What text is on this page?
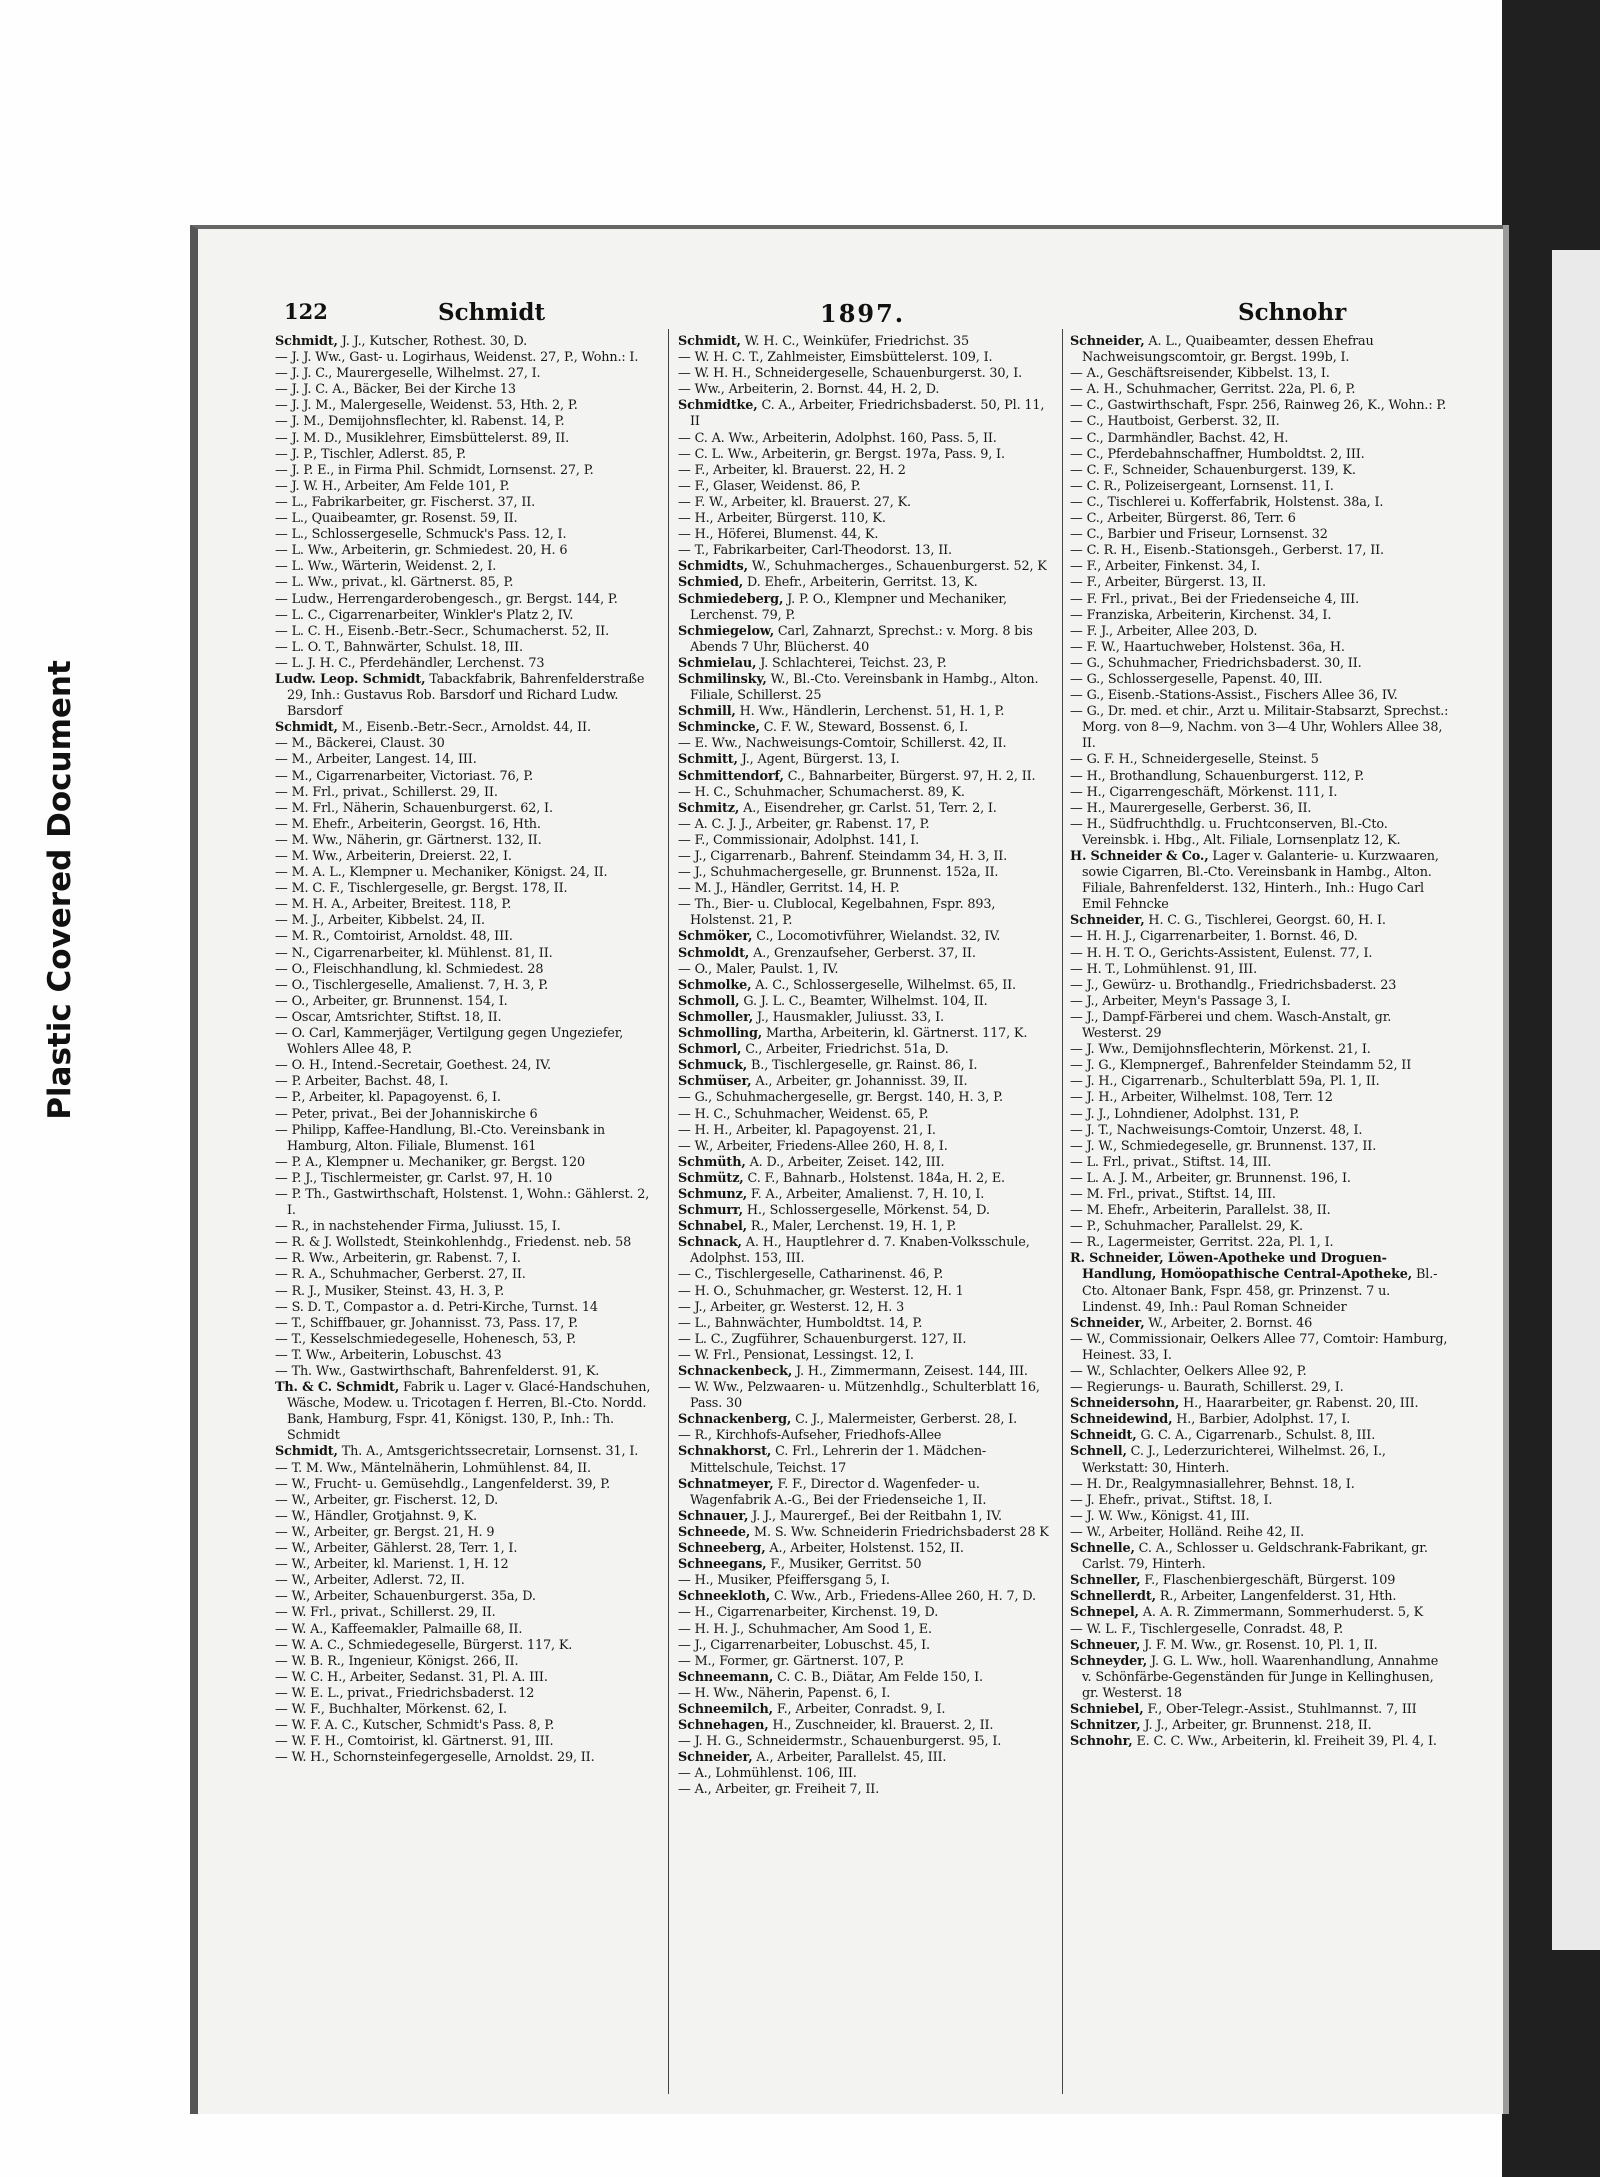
Plastic Covered Document
122	Schmidt	1897.	Schnohr

Schmidt, J. J., Kutscher, Rothest. 30, D.

— J. J. Ww., Gast- u. Logirhaus, Weidenst. 27, P., Wohn.: I.

— J. J. C., Maurergeselle, Wilhelmst. 27, I.

— J. J. C. A., Bäcker, Bei der Kirche 13

— J. J. M., Malergeselle, Weidenst. 53, Hth. 2, P.

— J. M., Demijohnsflechter, kl. Rabenst. 14, P.

— J. M. D., Musiklehrer, Eimsbüttelerst. 89, II.

— J. P., Tischler, Adlerst. 85, P.

— J. P. E., in Firma Phil. Schmidt, Lornsenst. 27, P.

— J. W. H., Arbeiter, Am Felde 101, P.

— L., Fabrikarbeiter, gr. Fischerst. 37, II.

— L., Quaibeamter, gr. Rosenst. 59, II.

— L., Schlossergeselle, Schmuck's Pass. 12, I.

— L. Ww., Arbeiterin, gr. Schmiedest. 20, H. 6

— L. Ww., Wärterin, Weidenst. 2, I.

— L. Ww., privat., kl. Gärtnerst. 85, P.

— Ludw., Herrengarderobengesch., gr. Bergst. 144, P.

— L. C., Cigarrenarbeiter, Winkler's Platz 2, IV.

— L. C. H., Eisenb.-Betr.-Secr., Schumacherst. 52, II.

— L. O. T., Bahnwärter, Schulst. 18, III.

— L. J. H. C., Pferdehändler, Lerchenst. 73

Ludw. Leop. Schmidt, Tabackfabrik, Bahrenfelderstraße 29, Inh.: Gustavus Rob. Barsdorf und Richard Ludw. Barsdorf

Schmidt, M., Eisenb.-Betr.-Secr., Arnoldst. 44, II.

— M., Bäckerei, Claust. 30

— M., Arbeiter, Langest. 14, III.

— M., Cigarrenarbeiter, Victoriast. 76, P.

— M. Frl., privat., Schillerst. 29, II.

— M. Frl., Näherin, Schauenburgerst. 62, I.

— M. Ehefr., Arbeiterin, Georgst. 16, Hth.

— M. Ww., Näherin, gr. Gärtnerst. 132, II.

— M. Ww., Arbeiterin, Dreierst. 22, I.

— M. A. L., Klempner u. Mechaniker, Königst. 24, II.

— M. C. F., Tischlergeselle, gr. Bergst. 178, II.

— M. H. A., Arbeiter, Breitest. 118, P.

— M. J., Arbeiter, Kibbelst. 24, II.

— M. R., Comtoirist, Arnoldst. 48, III.

— N., Cigarrenarbeiter, kl. Mühlenst. 81, II.

— O., Fleischhandlung, kl. Schmiedest. 28

— O., Tischlergeselle, Amalienst. 7, H. 3, P.

— O., Arbeiter, gr. Brunnenst. 154, I.

— Oscar, Amtsrichter, Stiftst. 18, II.

— O. Carl, Kammerjäger, Vertilgung gegen Ungeziefer, Wohlers Allee 48, P.

— O. H., Intend.-Secretair, Goethest. 24, IV.

— P. Arbeiter, Bachst. 48, I.

— P., Arbeiter, kl. Papagoyenst. 6, I.

— Peter, privat., Bei der Johanniskirche 6

— Philipp, Kaffee-Handlung, Bl.-Cto. Vereinsbank in Hamburg, Alton. Filiale, Blumenst. 161

— P. A., Klempner u. Mechaniker, gr. Bergst. 120

— P. J., Tischlermeister, gr. Carlst. 97, H. 10

— P. Th., Gastwirthschaft, Holstenst. 1, Wohn.: Gählerst. 2, I.

— R., in nachstehender Firma, Juliusst. 15, I.

— R. & J. Wollstedt, Steinkohlenhdg., Friedenst. neb. 58

— R. Ww., Arbeiterin, gr. Rabenst. 7, I.

— R. A., Schuhmacher, Gerberst. 27, II.

— R. J., Musiker, Steinst. 43, H. 3, P.

— S. D. T., Compastor a. d. Petri-Kirche, Turnst. 14

— T., Schiffbauer, gr. Johannisst. 73, Pass. 17, P.

— T., Kesselschmiedegeselle, Hohenesch, 53, P.

— T. Ww., Arbeiterin, Lobuschst. 43

— Th. Ww., Gastwirthschaft, Bahrenfelderst. 91, K.

Th. & C. Schmidt, Fabrik u. Lager v. Glacé-Handschuhen, Wäsche, Modew. u. Tricotagen f. Herren, Bl.-Cto. Nordd. Bank, Hamburg, Fspr. 41, Königst. 130, P., Inh.: Th. Schmidt

Schmidt, Th. A., Amtsgerichtssecretair, Lornsenst. 31, I.

— T. M. Ww., Mäntelnäherin, Lohmühlenst. 84, II.

— W., Frucht- u. Gemüsehdlg., Langenfelderst. 39, P.

— W., Arbeiter, gr. Fischerst. 12, D.

— W., Händler, Grotjahnst. 9, K.

— W., Arbeiter, gr. Bergst. 21, H. 9

— W., Arbeiter, Gählerst. 28, Terr. 1, I.

— W., Arbeiter, kl. Marienst. 1, H. 12

— W., Arbeiter, Adlerst. 72, II.

— W., Arbeiter, Schauenburgerst. 35a, D.

— W. Frl., privat., Schillerst. 29, II.

— W. A., Kaffeemakler, Palmaille 68, II.

— W. A. C., Schmiedegeselle, Bürgerst. 117, K.

— W. B. R., Ingenieur, Königst. 266, II.

— W. C. H., Arbeiter, Sedanst. 31, Pl. A. III.

— W. E. L., privat., Friedrichsbaderst. 12

— W. F., Buchhalter, Mörkenst. 62, I.

— W. F. A. C., Kutscher, Schmidt's Pass. 8, P.

— W. F. H., Comtoirist, kl. Gärtnerst. 91, III.

— W. H., Schornsteinfegergeselle, Arnoldst. 29, II.

Schmidt, W. H. C., Weinküfer, Friedrichst. 35

— W. H. C. T., Zahlmeister, Eimsbüttelerst. 109, I.

— W. H. H., Schneidergeselle, Schauenburgerst. 30, I.

— Ww., Arbeiterin, 2. Bornst. 44, H. 2, D.

Schmidtke, C. A., Arbeiter, Friedrichsbaderst. 50, Pl. 11, II

— C. A. Ww., Arbeiterin, Adolphst. 160, Pass. 5, II.

— C. L. Ww., Arbeiterin, gr. Bergst. 197a, Pass. 9, I.

— F., Arbeiter, kl. Brauerst. 22, H. 2

— F., Glaser, Weidenst. 86, P.

— F. W., Arbeiter, kl. Brauerst. 27, K.

— H., Arbeiter, Bürgerst. 110, K.

— H., Höferei, Blumenst. 44, K.

— T., Fabrikarbeiter, Carl-Theodorst. 13, II.

Schmidts, W., Schuhmacherges., Schauenburgerst. 52, K

Schmied, D. Ehefr., Arbeiterin, Gerritst. 13, K.

Schmiedeberg, J. P. O., Klempner und Mechaniker, Lerchenst. 79, P.

Schmiegelow, Carl, Zahnarzt, Sprechst.: v. Morg. 8 bis Abends 7 Uhr, Blücherst. 40

Schmielau, J. Schlachterei, Teichst. 23, P.

Schmilinsky, W., Bl.-Cto. Vereinsbank in Hambg., Alton. Filiale, Schillerst. 25

Schmill, H. Ww., Händlerin, Lerchenst. 51, H. 1, P.

Schmincke, C. F. W., Steward, Bossenst. 6, I.

— E. Ww., Nachweisungs-Comtoir, Schillerst. 42, II.

Schmitt, J., Agent, Bürgerst. 13, I.

Schmittendorf, C., Bahnarbeiter, Bürgerst. 97, H. 2, II.

— H. C., Schuhmacher, Schumacherst. 89, K.

Schmitz, A., Eisendreher, gr. Carlst. 51, Terr. 2, I.

— A. C. J. J., Arbeiter, gr. Rabenst. 17, P.

— F., Commissionair, Adolphst. 141, I.

— J., Cigarrenarb., Bahrenf. Steindamm 34, H. 3, II.

— J., Schuhmachergeselle, gr. Brunnenst. 152a, II.

— M. J., Händler, Gerritst. 14, H. P.

— Th., Bier- u. Clublocal, Kegelbahnen, Fspr. 893, Holstenst. 21, P.

Schmöker, C., Locomotivführer, Wielandst. 32, IV.

Schmoldt, A., Grenzaufseher, Gerberst. 37, II.

— O., Maler, Paulst. 1, IV.

Schmolke, A. C., Schlossergeselle, Wilhelmst. 65, II.

Schmoll, G. J. L. C., Beamter, Wilhelmst. 104, II.

Schmoller, J., Hausmakler, Juliusst. 33, I.

Schmolling, Martha, Arbeiterin, kl. Gärtnerst. 117, K.

Schmorl, C., Arbeiter, Friedrichst. 51a, D.

Schmuck, B., Tischlergeselle, gr. Rainst. 86, I.

Schmüser, A., Arbeiter, gr. Johannisst. 39, II.

— G., Schuhmachergeselle, gr. Bergst. 140, H. 3, P.

— H. C., Schuhmacher, Weidenst. 65, P.

— H. H., Arbeiter, kl. Papagoyenst. 21, I.

— W., Arbeiter, Friedens-Allee 260, H. 8, I.

Schmüth, A. D., Arbeiter, Zeiset. 142, III.

Schmütz, C. F., Bahnarb., Holstenst. 184a, H. 2, E.

Schmunz, F. A., Arbeiter, Amalienst. 7, H. 10, I.

Schmurr, H., Schlossergeselle, Mörkenst. 54, D.

Schnabel, R., Maler, Lerchenst. 19, H. 1, P.

Schnack, A. H., Hauptlehrer d. 7. Knaben-Volksschule, Adolphst. 153, III.

— C., Tischlergeselle, Catharinenst. 46, P.

— H. O., Schuhmacher, gr. Westerst. 12, H. 1

— J., Arbeiter, gr. Westerst. 12, H. 3

— L., Bahnwächter, Humboldtst. 14, P.

— L. C., Zugführer, Schauenburgerst. 127, II.

— W. Frl., Pensionat, Lessingst. 12, I.

Schnackenbeck, J. H., Zimmermann, Zeisest. 144, III.

— W. Ww., Pelzwaaren- u. Mützenhdlg., Schulterblatt 16, Pass. 30

Schnackenberg, C. J., Malermeister, Gerberst. 28, I.

— R., Kirchhofs-Aufseher, Friedhofs-Allee

Schnakhorst, C. Frl., Lehrerin der 1. Mädchen-Mittelschule, Teichst. 17

Schnatmeyer, F. F., Director d. Wagenfeder- u. Wagenfabrik A.-G., Bei der Friedenseiche 1, II.

Schnauer, J. J., Maurergef., Bei der Reitbahn 1, IV.

Schneede, M. S. Ww. Schneiderin Friedrichsbaderst 28 K

Schneeberg, A., Arbeiter, Holstenst. 152, II.

Schneegans, F., Musiker, Gerritst. 50

— H., Musiker, Pfeiffersgang 5, I.

Schneekloth, C. Ww., Arb., Friedens-Allee 260, H. 7, D.

— H., Cigarrenarbeiter, Kirchenst. 19, D.

— H. H. J., Schuhmacher, Am Sood 1, E.

— J., Cigarrenarbeiter, Lobuschst. 45, I.

— M., Former, gr. Gärtnerst. 107, P.

Schneemann, C. C. B., Diätar, Am Felde 150, I.

— H. Ww., Näherin, Papenst. 6, I.

Schneemilch, F., Arbeiter, Conradst. 9, I.

Schnehagen, H., Zuschneider, kl. Brauerst. 2, II.

— J. H. G., Schneidermstr., Schauenburgerst. 95, I.

Schneider, A., Arbeiter, Parallelst. 45, III.

— A., Lohmühlenst. 106, III.

— A., Arbeiter, gr. Freiheit 7, II.

Schneider, A. L., Quaibeamter, dessen Ehefrau Nachweisungscomtoir, gr. Bergst. 199b, I.

— A., Geschäftsreisender, Kibbelst. 13, I.

— A. H., Schuhmacher, Gerritst. 22a, Pl. 6, P.

— C., Gastwirthschaft, Fspr. 256, Rainweg 26, K., Wohn.: P.

— C., Hautboist, Gerberst. 32, II.

— C., Darmhändler, Bachst. 42, H.

— C., Pferdebahnschaffner, Humboldtst. 2, III.

— C. F., Schneider, Schauenburgerst. 139, K.

— C. R., Polizeisergeant, Lornsenst. 11, I.

— C., Tischlerei u. Kofferfabrik, Holstenst. 38a, I.

— C., Arbeiter, Bürgerst. 86, Terr. 6

— C., Barbier und Friseur, Lornsenst. 32

— C. R. H., Eisenb.-Stationsgeh., Gerberst. 17, II.

— F., Arbeiter, Finkenst. 34, I.

— F., Arbeiter, Bürgerst. 13, II.

— F. Frl., privat., Bei der Friedenseiche 4, III.

— Franziska, Arbeiterin, Kirchenst. 34, I.

— F. J., Arbeiter, Allee 203, D.

— F. W., Haartuchweber, Holstenst. 36a, H.

— G., Schuhmacher, Friedrichsbaderst. 30, II.

— G., Schlossergeselle, Papenst. 40, III.

— G., Eisenb.-Stations-Assist., Fischers Allee 36, IV.

— G., Dr. med. et chir., Arzt u. Militair-Stabsarzt, Sprechst.: Morg. von 8—9, Nachm. von 3—4 Uhr, Wohlers Allee 38, II.

— G. F. H., Schneidergeselle, Steinst. 5

— H., Brothandlung, Schauenburgerst. 112, P.

— H., Cigarrengeschäft, Mörkenst. 111, I.

— H., Maurergeselle, Gerberst. 36, II.

— H., Südfruchthdlg. u. Fruchtconserven, Bl.-Cto. Vereinsbk. i. Hbg., Alt. Filiale, Lornsenplatz 12, K.

H. Schneider & Co., Lager v. Galanterie- u. Kurzwaaren, sowie Cigarren, Bl.-Cto. Vereinsbank in Hambg., Alton. Filiale, Bahrenfelderst. 132, Hinterh., Inh.: Hugo Carl Emil Fehncke

Schneider, H. C. G., Tischlerei, Georgst. 60, H. I.

— H. H. J., Cigarrenarbeiter, 1. Bornst. 46, D.

— H. H. T. O., Gerichts-Assistent, Eulenst. 77, I.

— H. T., Lohmühlenst. 91, III.

— J., Gewürz- u. Brothandlg., Friedrichsbaderst. 23

— J., Arbeiter, Meyn's Passage 3, I.

— J., Dampf-Färberei und chem. Wasch-Anstalt, gr. Westerst. 29

— J. Ww., Demijohnsflechterin, Mörkenst. 21, I.

— J. G., Klempnergef., Bahrenfelder Steindamm 52, II

— J. H., Cigarrenarb., Schulterblatt 59a, Pl. 1, II.

— J. H., Arbeiter, Wilhelmst. 108, Terr. 12

— J. J., Lohndiener, Adolphst. 131, P.

— J. T., Nachweisungs-Comtoir, Unzerst. 48, I.

— J. W., Schmiedegeselle, gr. Brunnenst. 137, II.

— L. Frl., privat., Stiftst. 14, III.

— L. A. J. M., Arbeiter, gr. Brunnenst. 196, I.

— M. Frl., privat., Stiftst. 14, III.

— M. Ehefr., Arbeiterin, Parallelst. 38, II.

— P., Schuhmacher, Parallelst. 29, K.

— R., Lagermeister, Gerritst. 22a, Pl. 1, I.

R. Schneider, Löwen-Apotheke und Droguen-Handlung, Homöopathische Central-Apotheke, Bl.-Cto. Altonaer Bank, Fspr. 458, gr. Prinzenst. 7 u. Lindenst. 49, Inh.: Paul Roman Schneider

Schneider, W., Arbeiter, 2. Bornst. 46

— W., Commissionair, Oelkers Allee 77, Comtoir: Hamburg, Heinest. 33, I.

— W., Schlachter, Oelkers Allee 92, P.

— Regierungs- u. Baurath, Schillerst. 29, I.

Schneidersohn, H., Haararbeiter, gr. Rabenst. 20, III.

Schneidewind, H., Barbier, Adolphst. 17, I.

Schneidt, G. C. A., Cigarrenarb., Schulst. 8, III.

Schnell, C. J., Lederzurichterei, Wilhelmst. 26, I., Werkstatt: 30, Hinterh.

— H. Dr., Realgymnasiallehrer, Behnst. 18, I.

— J. Ehefr., privat., Stiftst. 18, I.

— J. W. Ww., Königst. 41, III.

— W., Arbeiter, Holländ. Reihe 42, II.

Schnelle, C. A., Schlosser u. Geldschrank-Fabrikant, gr. Carlst. 79, Hinterh.

Schneller, F., Flaschenbiergeschäft, Bürgerst. 109

Schnellerdt, R., Arbeiter, Langenfelderst. 31, Hth.

Schnepel, A. A. R. Zimmermann, Sommerhuderst. 5, K

— W. L. F., Tischlergeselle, Conradst. 48, P.

Schneuer, J. F. M. Ww., gr. Rosenst. 10, Pl. 1, II.

Schneyder, J. G. L. Ww., holl. Waarenhandlung, Annahme v. Schönfärbe-Gegenständen für Junge in Kellinghusen, gr. Westerst. 18

Schniebel, F., Ober-Telegr.-Assist., Stuhlmannst. 7, III

Schnitzer, J. J., Arbeiter, gr. Brunnenst. 218, II.

Schnohr, E. C. C. Ww., Arbeiterin, kl. Freiheit 39, Pl. 4, I.
